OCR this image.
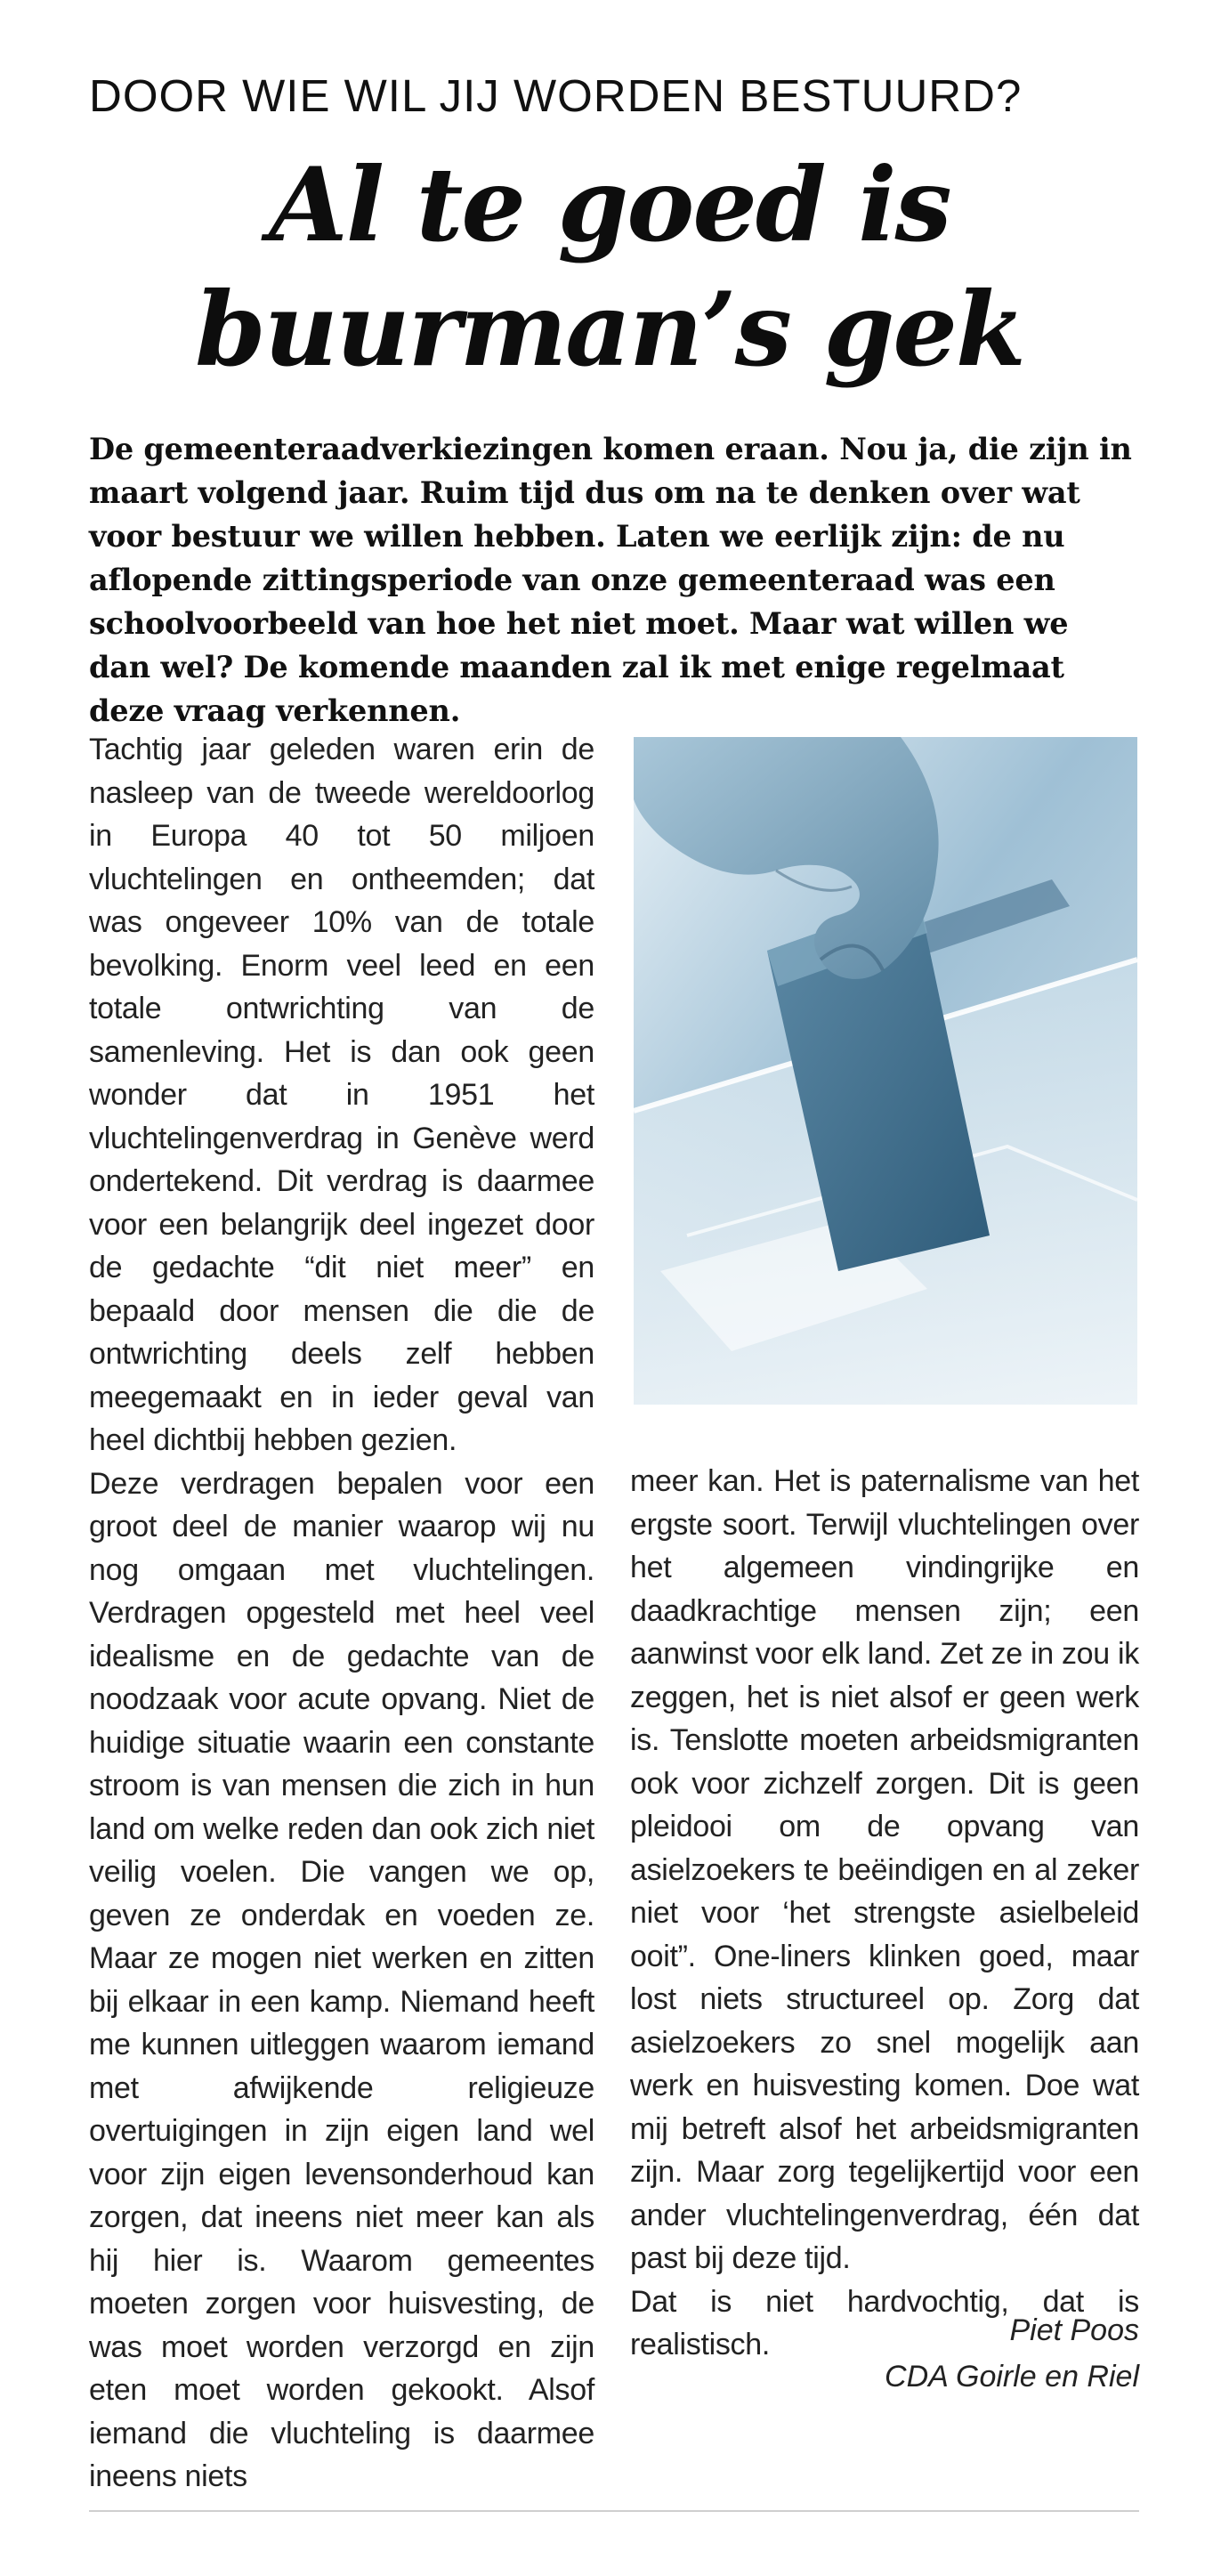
DOOR WIE WIL JIJ WORDEN BESTUURD?
Al te goed is
buurman’s gek
De gemeenteraadverkiezingen komen eraan. Nou ja, die zijn in maart volgend jaar. Ruim tijd dus om na te denken over wat voor bestuur we willen hebben. Laten we eerlijk zijn: de nu aflopende zittingsperiode van onze gemeenteraad was een schoolvoorbeeld van hoe het niet moet. Maar wat willen we dan wel? De komende maanden zal ik met enige regelmaat deze vraag verkennen.

Tachtig jaar geleden waren erin de nasleep van de tweede wereldoorlog in Europa 40 tot 50 miljoen vluchtelingen en ontheemden; dat was ongeveer 10% van de totale bevolking. Enorm veel leed en een totale ontwrichting van de samenleving. Het is dan ook geen wonder dat in 1951 het vluchtelingenverdrag in Genève werd ondertekend. Dit verdrag is daarmee voor een belangrijk deel ingezet door de gedachte “dit niet meer” en bepaald door mensen die die de ontwrichting deels zelf hebben meegemaakt en in ieder geval van heel dichtbij hebben gezien.

Deze verdragen bepalen voor een groot deel de manier waarop wij nu nog omgaan met vluchtelingen. Verdragen opgesteld met heel veel idealisme en de gedachte van de noodzaak voor acute opvang. Niet de huidige situatie waarin een constante stroom is van mensen die zich in hun land om welke reden dan ook zich niet veilig voelen. Die vangen we op, geven ze onderdak en voeden ze. Maar ze mogen niet werken en zitten bij elkaar in een kamp. Niemand heeft me kunnen uitleggen waarom iemand met afwijkende religieuze overtuigingen in zijn eigen land wel voor zijn eigen levensonderhoud kan zorgen, dat ineens niet meer kan als hij hier is. Waarom gemeentes moeten zorgen voor huisvesting, de was moet worden verzorgd en zijn eten moet worden gekookt. Alsof iemand die vluchteling is daarmee ineens niets

meer kan. Het is paternalisme van het ergste soort. Terwijl vluchtelingen over het algemeen vindingrijke en daadkrachtige mensen zijn; een aanwinst voor elk land. Zet ze in zou ik zeggen, het is niet alsof er geen werk is. Tenslotte moeten arbeidsmigranten ook voor zichzelf zorgen. Dit is geen pleidooi om de opvang van asielzoekers te beëindigen en al zeker niet voor ‘het strengste asielbeleid ooit”. One-liners klinken goed, maar lost niets structureel op. Zorg dat asielzoekers zo snel mogelijk aan werk en huisvesting komen. Doe wat mij betreft alsof het arbeidsmigranten zijn. Maar zorg tegelijkertijd voor een ander vluchtelingenverdrag, één dat past bij deze tijd.

Dat is niet hardvochtig, dat is realistisch.	Piet Poos
CDA Goirle en Riel
